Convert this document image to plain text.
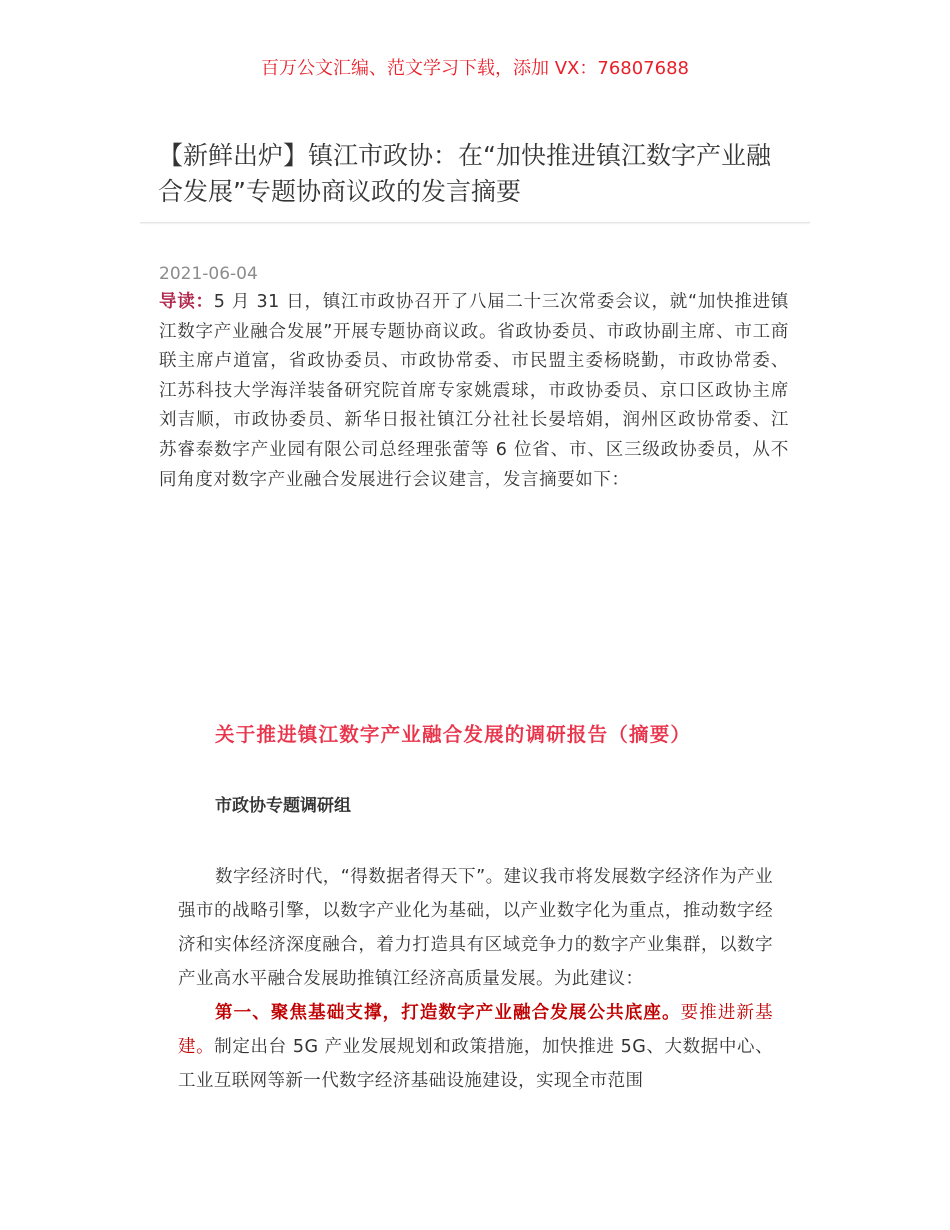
百万公文汇编、范文学习下载，添加 VX：76807688
【新鲜出炉】镇江市政协：在“加快推进镇江数字产业融合发展”专题协商议政的发言摘要
2021-06-04
导读：5 月 31 日，镇江市政协召开了八届二十三次常委会议，就“加快推进镇江数字产业融合发展”开展专题协商议政。省政协委员、市政协副主席、市工商联主席卢道富，省政协委员、市政协常委、市民盟主委杨晓勤，市政协常委、江苏科技大学海洋装备研究院首席专家姚震球，市政协委员、京口区政协主席刘吉顺，市政协委员、新华日报社镇江分社社长晏培娟，润州区政协常委、江苏睿泰数字产业园有限公司总经理张蕾等 6 位省、市、区三级政协委员，从不同角度对数字产业融合发展进行会议建言，发言摘要如下：
关于推进镇江数字产业融合发展的调研报告（摘要）
市政协专题调研组

数字经济时代，“得数据者得天下”。建议我市将发展数字经济作为产业强市的战略引擎，以数字产业化为基础，以产业数字化为重点，推动数字经济和实体经济深度融合，着力打造具有区域竞争力的数字产业集群，以数字产业高水平融合发展助推镇江经济高质量发展。为此建议：

第一、聚焦基础支撑，打造数字产业融合发展公共底座。要推进新基建。制定出台 5G 产业发展规划和政策措施，加快推进 5G、大数据中心、工业互联网等新一代数字经济基础设施建设，实现全市范围
